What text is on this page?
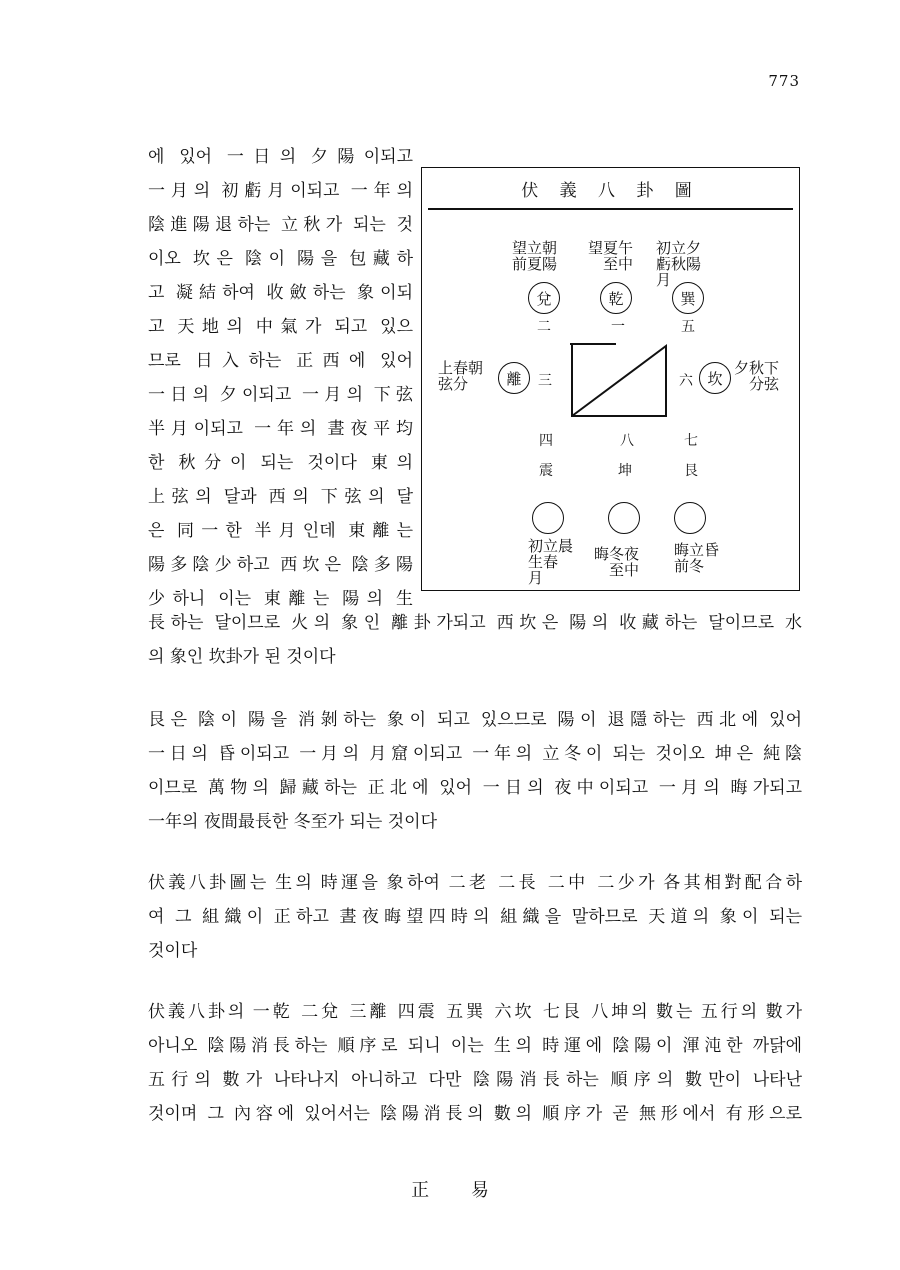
773
에 있어 一日의 夕陽이되고
一月의 初虧月이되고 一年의
陰進陽退하는 立秋가 되는 것
이오 坎은 陰이 陽을 包藏하
고 凝結하여 收斂하는 象이되
고 天地의 中氣가 되고 있으
므로 日入하는 正西에 있어
一日의 夕이되고 一月의 下弦
半月이되고 一年의 晝夜平均
한 秋分이 되는 것이다 東의
上弦의 달과 西의 下弦의 달
은 同一한 半月인데 東離는
陽多陰少하고 西坎은 陰多陽
少하니 이는 東離는 陽의 生
伏 義 八 卦 圖
望立朝
前夏陽
望夏午
　至中
初立夕
虧秋陽
月
兌	乾	巽
二	一	五
上春朝
弦分	離	三	六 坎
夕秋下
　分弦
四	八	七
震	坤	艮
初立晨
生春
月
晦冬夜
　至中
晦立昏
前冬
長하는 달이므로 火의 象인 離卦가되고 西坎은 陽의 收藏하는 달이므로 水
의 象인 坎卦가 된 것이다
艮은 陰이 陽을 消剝하는 象이 되고 있으므로 陽이 退隱하는 西北에 있어
一日의 昏이되고 一月의 月窟이되고 一年의 立冬이 되는 것이오 坤은 純陰
이므로 萬物의 歸藏하는 正北에 있어 一日의 夜中이되고 一月의 晦가되고
一年의 夜間最長한 冬至가 되는 것이다
伏義八卦圖는 生의 時運을 象하여 二老 二長 二中 二少가 各其相對配合하
여 그 組織이 正하고 晝夜晦望四時의 組織을 말하므로 天道의 象이 되는
것이다
伏義八卦의 一乾 二兌 三離 四震 五巽 六坎 七艮 八坤의 數는 五行의 數가
아니오 陰陽消長하는 順序로 되니 이는 生의 時運에 陰陽이 渾沌한 까닭에
五行의 數가 나타나지 아니하고 다만 陰陽消長하는 順序의 數만이 나타난
것이며 그 內容에 있어서는 陰陽消長의 數의 順序가 곧 無形에서 有形으로
正 易
